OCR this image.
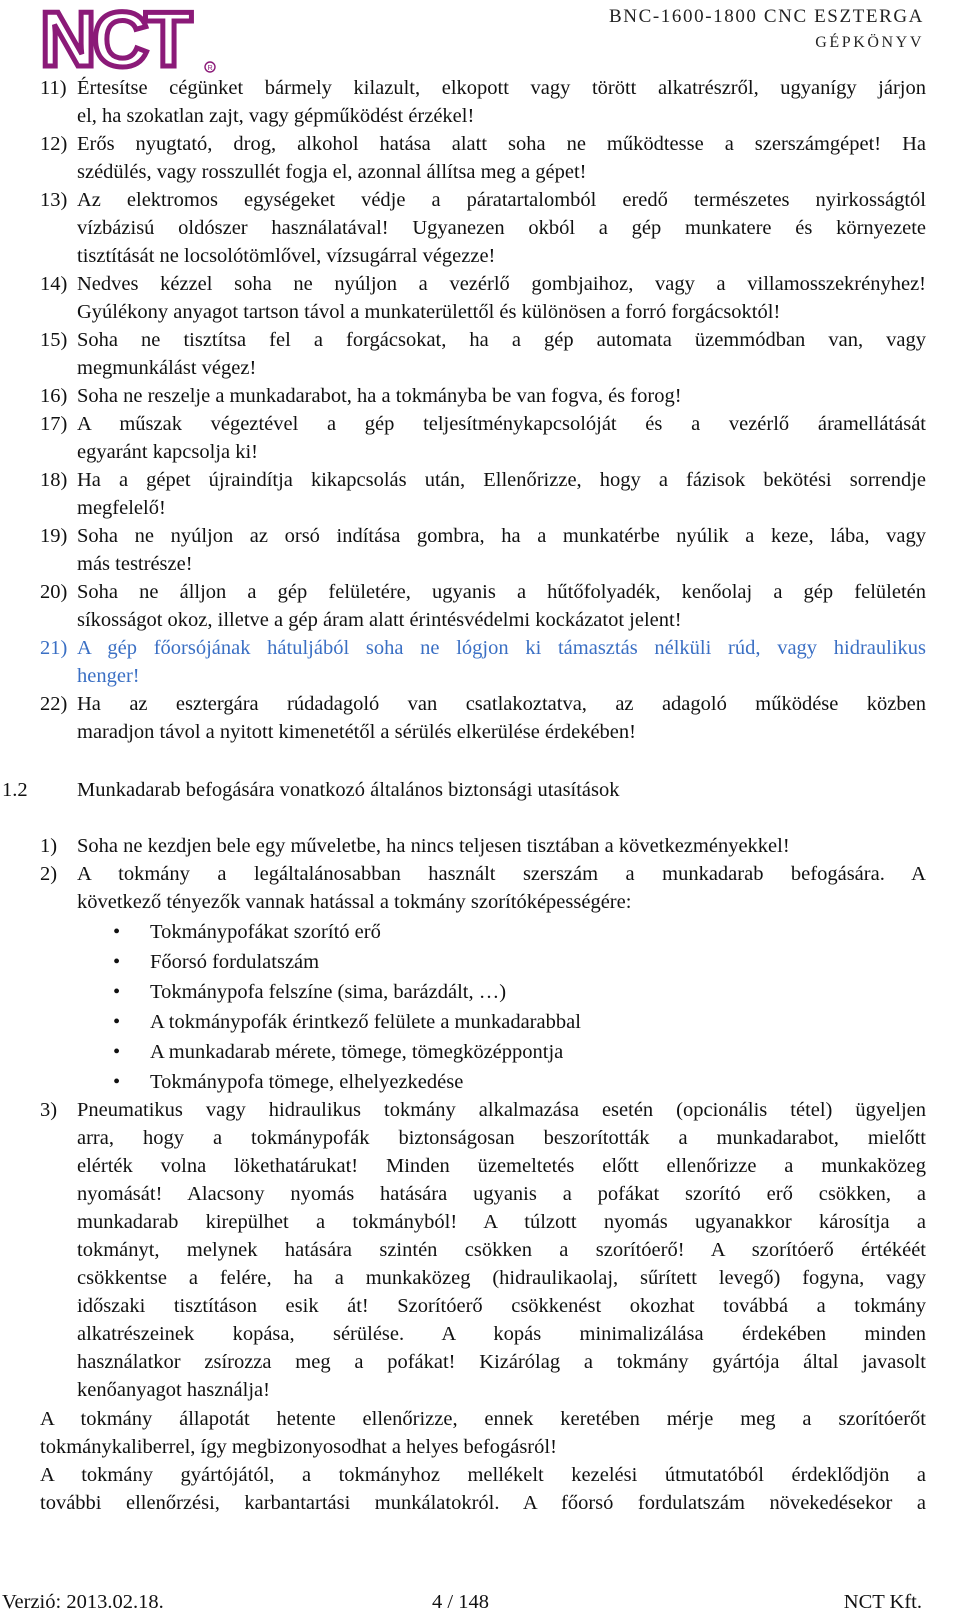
NCT	R
BNC-1600-1800 CNC ESZTERGA
GÉPKÖNYV
11) Értesítse cégünket bármely kilazult, elkopott vagy törött alkatrészről, ugyanígy járjon
el, ha szokatlan zajt, vagy gépműködést érzékel!
12) Erős nyugtató, drog, alkohol hatása alatt soha ne működtesse a szerszámgépet! Ha
szédülés, vagy rosszullét fogja el, azonnal állítsa meg a gépet!
13) Az elektromos egységeket védje a páratartalomból eredő természetes nyirkosságtól
vízbázisú oldószer használatával! Ugyanezen okból a gép munkatere és környezete
tisztítását ne locsolótömlővel, vízsugárral végezze!
14) Nedves kézzel soha ne nyúljon a vezérlő gombjaihoz, vagy a villamosszekrényhez!
Gyúlékony anyagot tartson távol a munkaterülettől és különösen a forró forgácsoktól!
15) Soha ne tisztítsa fel a forgácsokat, ha a gép automata üzemmódban van, vagy
megmunkálást végez!
16) Soha ne reszelje a munkadarabot, ha a tokmányba be van fogva, és forog!
17) A műszak végeztével a gép teljesítménykapcsolóját és a vezérlő áramellátását
egyaránt kapcsolja ki!
18) Ha a gépet újraindítja kikapcsolás után, Ellenőrizze, hogy a fázisok bekötési sorrendje
megfelelő!
19) Soha ne nyúljon az orsó indítása gombra, ha a munkatérbe nyúlik a keze, lába, vagy
más testrésze!
20) Soha ne álljon a gép felületére, ugyanis a hűtőfolyadék, kenőolaj a gép felületén
síkosságot okoz, illetve a gép áram alatt érintésvédelmi kockázatot jelent!
21) A gép főorsójának hátuljából soha ne lógjon ki támasztás nélküli rúd, vagy hidraulikus
henger!
22) Ha az esztergára rúdadagoló van csatlakoztatva, az adagoló működése közben
maradjon távol a nyitott kimenetétől a sérülés elkerülése érdekében!
1.2 Munkadarab befogására vonatkozó általános biztonsági utasítások
1) Soha ne kezdjen bele egy műveletbe, ha nincs teljesen tisztában a következményekkel!
2) A tokmány a legáltalánosabban használt szerszám a munkadarab befogására. A
következő tényezők vannak hatással a tokmány szorítóképességére:
• Tokmánypofákat szorító erő
• Főorsó fordulatszám
• Tokmánypofa felszíne (sima, barázdált, …)
• A tokmánypofák érintkező felülete a munkadarabbal
• A munkadarab mérete, tömege, tömegközéppontja
• Tokmánypofa tömege, elhelyezkedése
3) Pneumatikus vagy hidraulikus tokmány alkalmazása esetén (opcionális tétel) ügyeljen
arra, hogy a tokmánypofák biztonságosan beszorították a munkadarabot, mielőtt
elérték volna lökethatárukat! Minden üzemeltetés előtt ellenőrizze a munkaközeg
nyomását! Alacsony nyomás hatására ugyanis a pofákat szorító erő csökken, a
munkadarab kirepülhet a tokmányból! A túlzott nyomás ugyanakkor károsítja a
tokmányt, melynek hatására szintén csökken a szorítóerő! A szorítóerő értékéét
csökkentse a felére, ha a munkaközeg (hidraulikaolaj, sűrített levegő) fogyna, vagy
időszaki tisztításon esik át! Szorítóerő csökkenést okozhat továbbá a tokmány
alkatrészeinek kopása, sérülése. A kopás minimalizálása érdekében minden
használatkor zsírozza meg a pofákat! Kizárólag a tokmány gyártója által javasolt
kenőanyagot használja!
A tokmány állapotát hetente ellenőrizze, ennek keretében mérje meg a szorítóerőt
tokmánykaliberrel, így megbizonyosodhat a helyes befogásról!
A tokmány gyártójától, a tokmányhoz mellékelt kezelési útmutatóból érdeklődjön a
további ellenőrzési, karbantartási munkálatokról. A főorsó fordulatszám növekedésekor a
Verzió: 2013.02.18.	4 / 148	NCT Kft.
